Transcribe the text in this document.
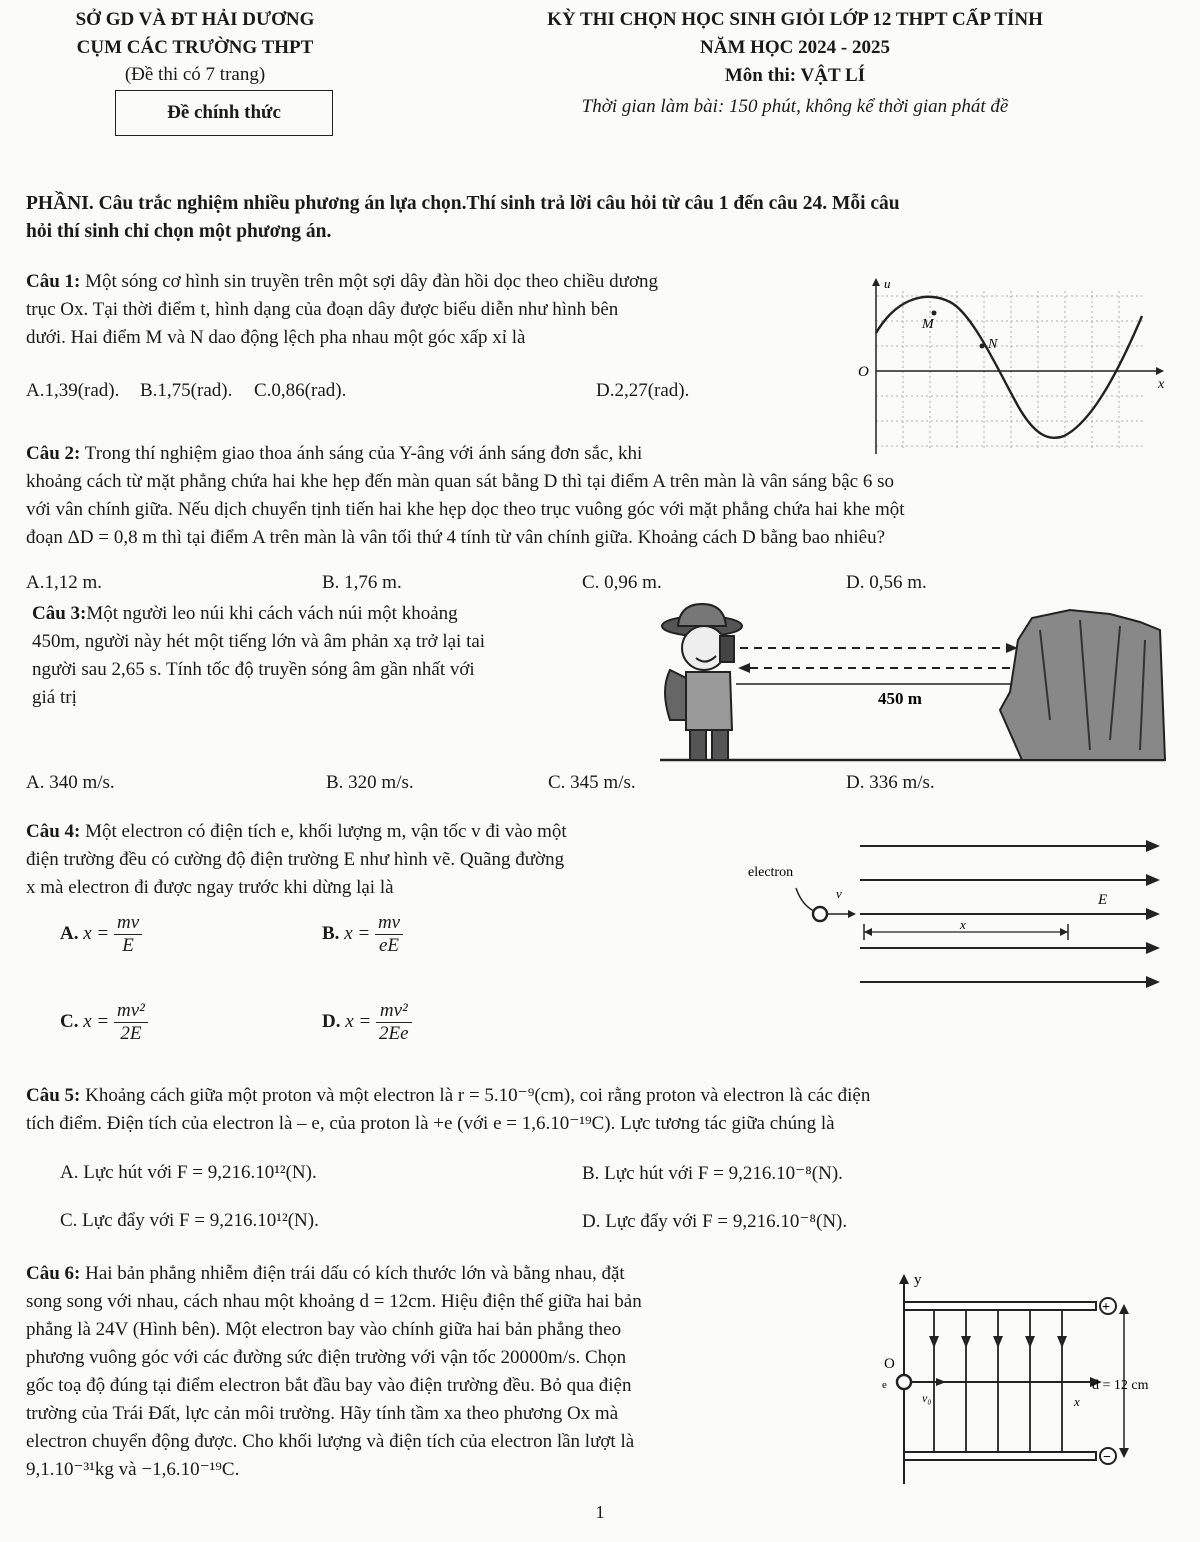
SỞ GD VÀ ĐT HẢI DƯƠNG
CỤM CÁC TRƯỜNG THPT
(Đề thi có 7 trang)
Đề chính thức
KỲ THI CHỌN HỌC SINH GIỎI LỚP 12 THPT CẤP TỈNH
NĂM HỌC 2024 - 2025
Môn thi: VẬT LÍ
Thời gian làm bài: 150 phút, không kể thời gian phát đề

PHẦNI. Câu trắc nghiệm nhiều phương án lựa chọn.Thí sinh trả lời câu hỏi từ câu 1 đến câu 24. Mỗi câu

hỏi thí sinh chỉ chọn một phương án.

Câu 1: Một sóng cơ hình sin truyền trên một sợi dây đàn hồi dọc theo chiều dương

trục Ox. Tại thời điểm t, hình dạng của đoạn dây được biểu diễn như hình bên

dưới. Hai điểm M và N dao động lệch pha nhau một góc xấp xỉ là

A.1,39(rad). B.1,75(rad). C.0,86(rad).	D.2,27(rad).
u
O
x
M
N

Câu 2: Trong thí nghiệm giao thoa ánh sáng của Y-âng với ánh sáng đơn sắc, khi

khoảng cách từ mặt phẳng chứa hai khe hẹp đến màn quan sát bằng D thì tại điểm A trên màn là vân sáng bậc 6 so

với vân chính giữa. Nếu dịch chuyển tịnh tiến hai khe hẹp dọc theo trục vuông góc với mặt phẳng chứa hai khe một

đoạn ΔD = 0,8 m thì tại điểm A trên màn là vân tối thứ 4 tính từ vân chính giữa. Khoảng cách D bằng bao nhiêu?

A.1,12 m.	B. 1,76 m.	C. 0,96 m.	D. 0,56 m.

Câu 3:Một người leo núi khi cách vách núi một khoảng

450m, người này hét một tiếng lớn và âm phản xạ trở lại tai

người sau 2,65 s. Tính tốc độ truyền sóng âm gần nhất với

giá trị	450 m
A. 340 m/s.	B. 320 m/s.	C. 345 m/s.	D. 336 m/s.

Câu 4: Một electron có điện tích e, khối lượng m, vận tốc v đi vào một

điện trường đều có cường độ điện trường E như hình vẽ. Quãng đường

x mà electron đi được ngay trước khi dừng lại là

A. $x = \frac{mv}{E}$	B. $x = \frac{mv}{eE}$
C. $x = \frac{\text{mv²}}{2E}$	D. $x = \frac{\text{mv²}}{2Ee}$
electron
v	E
x

Câu 5: Khoảng cách giữa một proton và một electron là r = 5.10⁻⁹(cm), coi rằng proton và electron là các điện

tích điểm. Điện tích của electron là – e, của proton là +e (với e = 1,6.10⁻¹⁹C). Lực tương tác giữa chúng là

A. Lực hút với F = 9,216.10¹²(N).	B. Lực hút với F = 9,216.10⁻⁸(N).
C. Lực đẩy với F = 9,216.10¹²(N).	D. Lực đẩy với F = 9,216.10⁻⁸(N).

Câu 6: Hai bản phẳng nhiễm điện trái dấu có kích thước lớn và bằng nhau, đặt

song song với nhau, cách nhau một khoảng d = 12cm. Hiệu điện thế giữa hai bản

phẳng là 24V (Hình bên). Một electron bay vào chính giữa hai bản phẳng theo

phương vuông góc với các đường sức điện trường với vận tốc 20000m/s. Chọn

gốc toạ độ đúng tại điểm electron bắt đầu bay vào điện trường đều. Bỏ qua điện

trường của Trái Đất, lực cản môi trường. Hãy tính tầm xa theo phương Ox mà

electron chuyển động được. Cho khối lượng và điện tích của electron lần lượt là

9,1.10⁻³¹kg và −1,6.10⁻¹⁹C.

y
x
O
e
v₀
+
−
d = 12 cm
1
